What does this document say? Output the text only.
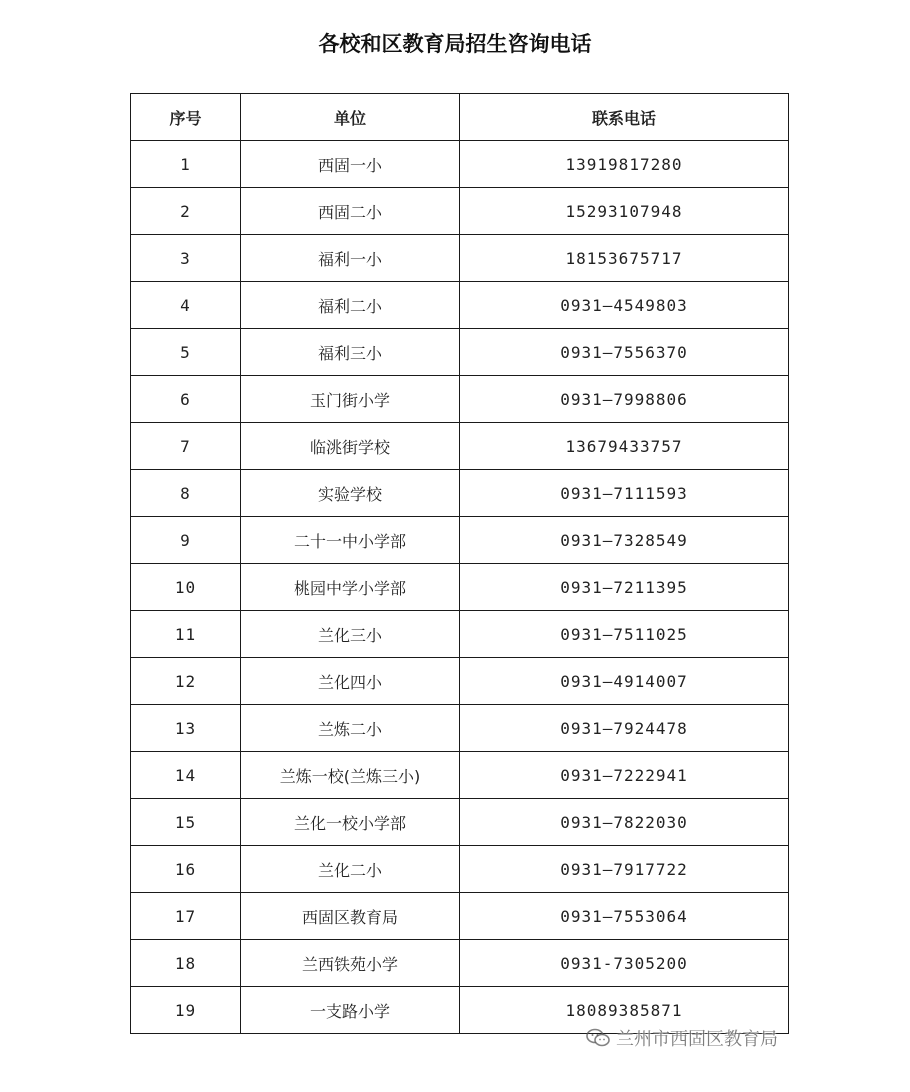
各校和区教育局招生咨询电话
序号	单位	联系电话
1	西固一小	13919817280
2	西固二小	15293107948
3	福利一小	18153675717
4	福利二小	0931—4549803
5	福利三小	0931—7556370
6	玉门街小学	0931—7998806
7	临洮街学校	13679433757
8	实验学校	0931—7111593
9	二十一中小学部	0931—7328549
10	桃园中学小学部	0931—7211395
11	兰化三小	0931—7511025
12	兰化四小	0931—4914007
13	兰炼二小	0931—7924478
14	兰炼一校(兰炼三小)	0931—7222941
15	兰化一校小学部	0931—7822030
16	兰化二小	0931—7917722
17	西固区教育局	0931—7553064
18	兰西铁苑小学	0931-7305200
19	一支路小学	18089385871
兰州市西固区教育局
